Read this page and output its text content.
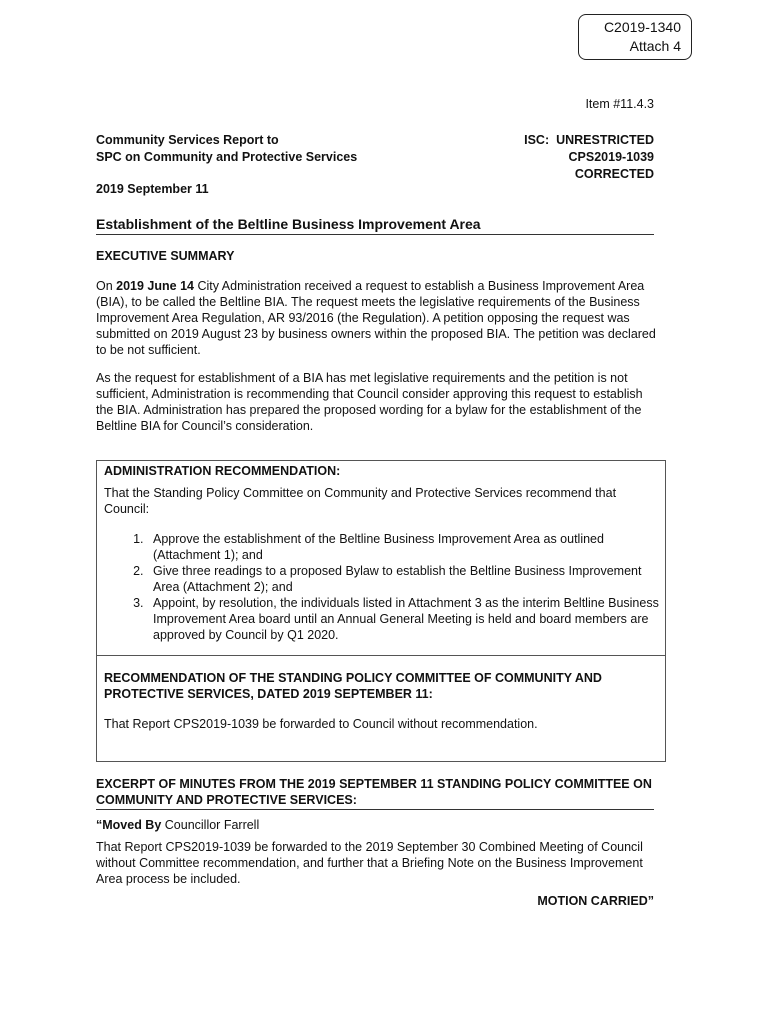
C2019-1340
Attach 4
Item #11.4.3
Community Services Report to
SPC on Community and Protective Services
ISC:  UNRESTRICTED
CPS2019-1039
CORRECTED
2019 September 11
Establishment of the Beltline Business Improvement Area
EXECUTIVE SUMMARY
On 2019 June 14 City Administration received a request to establish a Business Improvement Area (BIA), to be called the Beltline BIA. The request meets the legislative requirements of the Business Improvement Area Regulation, AR 93/2016 (the Regulation). A petition opposing the request was submitted on 2019 August 23 by business owners within the proposed BIA. The petition was declared to be not sufficient.
As the request for establishment of a BIA has met legislative requirements and the petition is not sufficient, Administration is recommending that Council consider approving this request to establish the BIA. Administration has prepared the proposed wording for a bylaw for the establishment of the Beltline BIA for Council’s consideration.
ADMINISTRATION RECOMMENDATION:
That the Standing Policy Committee on Community and Protective Services recommend that Council:
1. Approve the establishment of the Beltline Business Improvement Area as outlined (Attachment 1); and
2. Give three readings to a proposed Bylaw to establish the Beltline Business Improvement Area (Attachment 2); and
3. Appoint, by resolution, the individuals listed in Attachment 3 as the interim Beltline Business Improvement Area board until an Annual General Meeting is held and board members are approved by Council by Q1 2020.
RECOMMENDATION OF THE STANDING POLICY COMMITTEE OF COMMUNITY AND PROTECTIVE SERVICES, DATED 2019 SEPTEMBER 11:
That Report CPS2019-1039 be forwarded to Council without recommendation.
EXCERPT OF MINUTES FROM THE 2019 SEPTEMBER 11 STANDING POLICY COMMITTEE ON COMMUNITY AND PROTECTIVE SERVICES:
“Moved By Councillor Farrell
That Report CPS2019-1039 be forwarded to the 2019 September 30 Combined Meeting of Council without Committee recommendation, and further that a Briefing Note on the Business Improvement Area process be included.
MOTION CARRIED”
